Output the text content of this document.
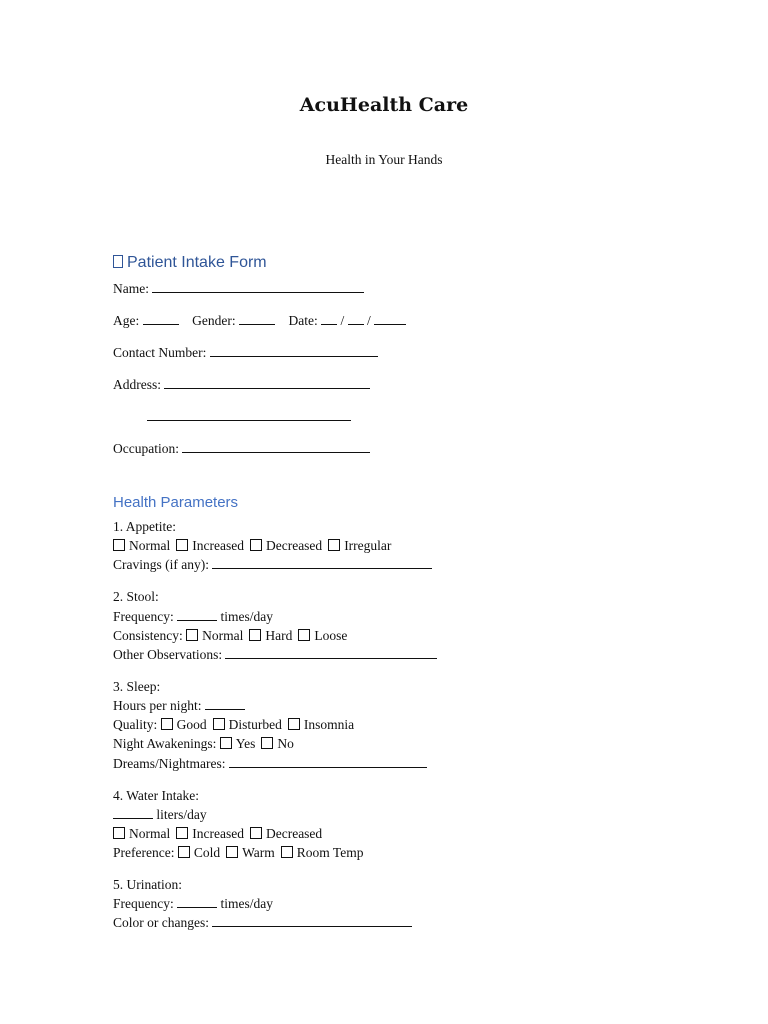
AcuHealth Care
Health in Your Hands
Patient Intake Form
Name:
Age:	Gender:	Date: / /
Contact Number:
Address:
Occupation:
Health Parameters
1. Appetite:
Normal Increased Decreased Irregular
Cravings (if any):
2. Stool:
Frequency:	times/day
Consistency: Normal Hard Loose
Other Observations:
3. Sleep:
Hours per night:
Quality: Good Disturbed Insomnia
Night Awakenings: Yes No
Dreams/Nightmares:
4. Water Intake:
liters/day
Normal Increased Decreased
Preference: Cold Warm Room Temp
5. Urination:
Frequency:	times/day
Color or changes:
